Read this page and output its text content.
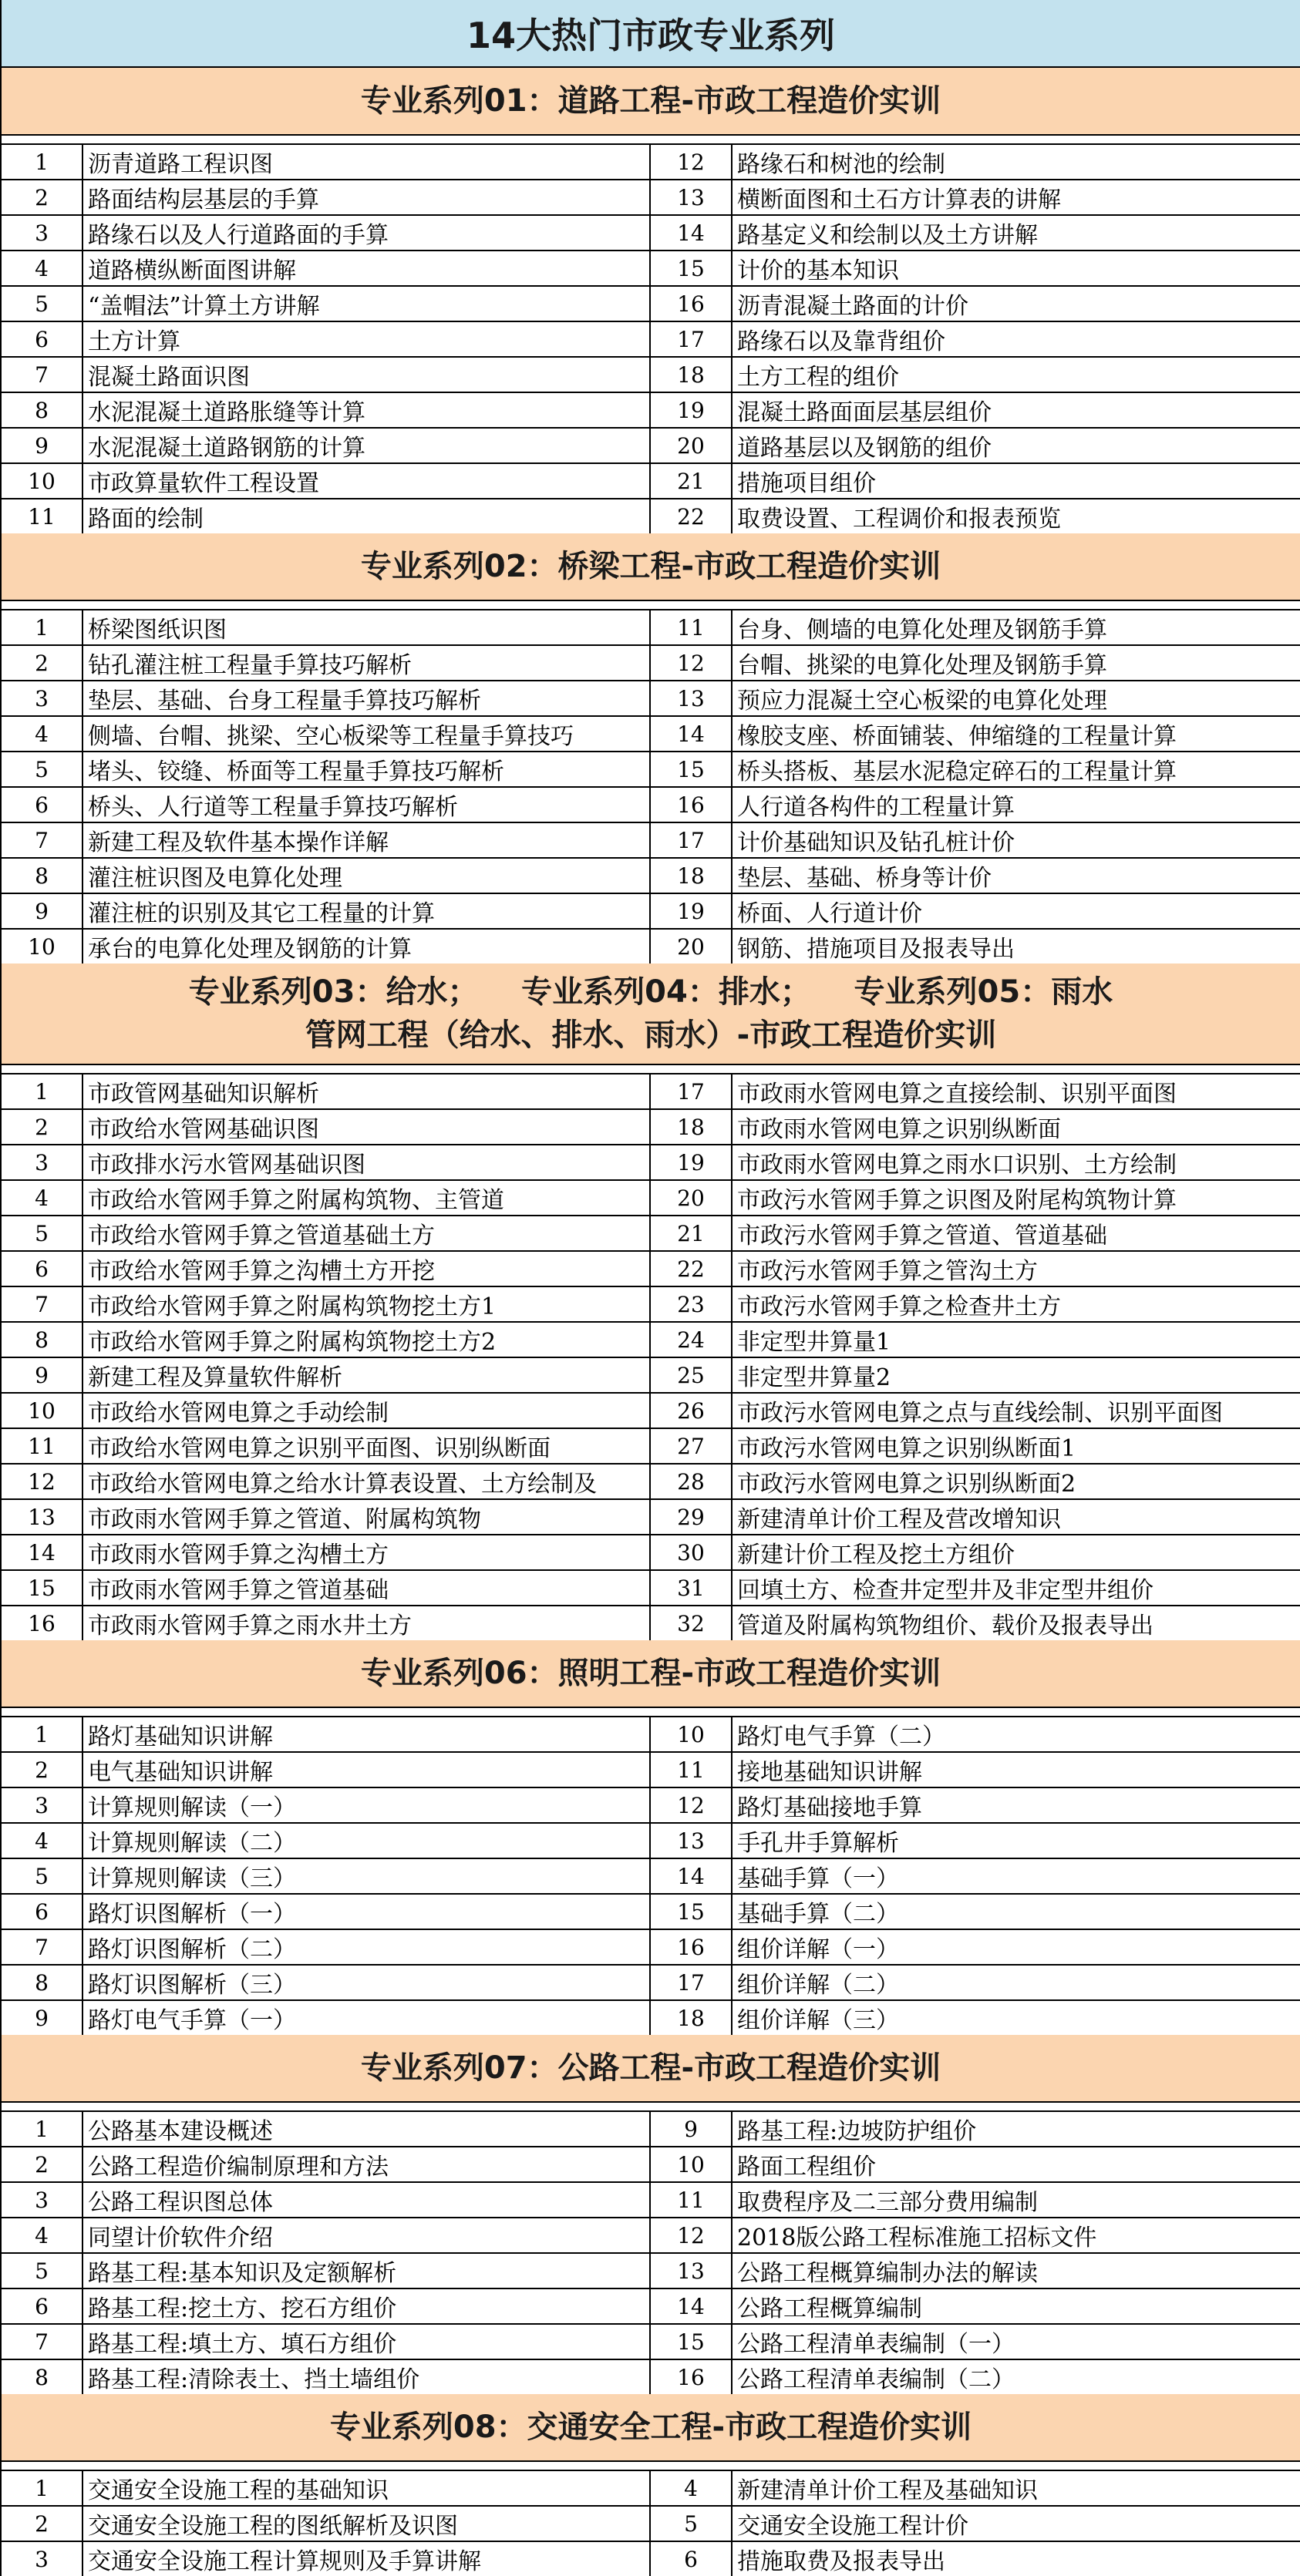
14大热门市政专业系列
专业系列01：道路工程-市政工程造价实训
1	沥青道路工程识图	12	路缘石和树池的绘制
2	路面结构层基层的手算	13	横断面图和土石方计算表的讲解
3	路缘石以及人行道路面的手算	14	路基定义和绘制以及土方讲解
4	道路横纵断面图讲解	15	计价的基本知识
5	“盖帽法”计算土方讲解	16	沥青混凝土路面的计价
6	土方计算	17	路缘石以及靠背组价
7	混凝土路面识图	18	土方工程的组价
8	水泥混凝土道路胀缝等计算	19	混凝土路面面层基层组价
9	水泥混凝土道路钢筋的计算	20	道路基层以及钢筋的组价
10	市政算量软件工程设置	21	措施项目组价
11	路面的绘制	22	取费设置、工程调价和报表预览
专业系列02：桥梁工程-市政工程造价实训
1	桥梁图纸识图	11	台身、侧墙的电算化处理及钢筋手算
2	钻孔灌注桩工程量手算技巧解析	12	台帽、挑梁的电算化处理及钢筋手算
3	垫层、基础、台身工程量手算技巧解析	13	预应力混凝土空心板梁的电算化处理
4	侧墙、台帽、挑梁、空心板梁等工程量手算技巧	14	橡胶支座、桥面铺装、伸缩缝的工程量计算
5	堵头、铰缝、桥面等工程量手算技巧解析	15	桥头搭板、基层水泥稳定碎石的工程量计算
6	桥头、人行道等工程量手算技巧解析	16	人行道各构件的工程量计算
7	新建工程及软件基本操作详解	17	计价基础知识及钻孔桩计价
8	灌注桩识图及电算化处理	18	垫层、基础、桥身等计价
9	灌注桩的识别及其它工程量的计算	19	桥面、人行道计价
10	承台的电算化处理及钢筋的计算	20	钢筋、措施项目及报表导出
专业系列03：给水；    专业系列04：排水；    专业系列05：雨水
管网工程（给水、排水、雨水）-市政工程造价实训
1	市政管网基础知识解析	17	市政雨水管网电算之直接绘制、识别平面图
2	市政给水管网基础识图	18	市政雨水管网电算之识别纵断面
3	市政排水污水管网基础识图	19	市政雨水管网电算之雨水口识别、土方绘制
4	市政给水管网手算之附属构筑物、主管道	20	市政污水管网手算之识图及附尾构筑物计算
5	市政给水管网手算之管道基础土方	21	市政污水管网手算之管道、管道基础
6	市政给水管网手算之沟槽土方开挖	22	市政污水管网手算之管沟土方
7	市政给水管网手算之附属构筑物挖土方1	23	市政污水管网手算之检查井土方
8	市政给水管网手算之附属构筑物挖土方2	24	非定型井算量1
9	新建工程及算量软件解析	25	非定型井算量2
10	市政给水管网电算之手动绘制	26	市政污水管网电算之点与直线绘制、识别平面图
11	市政给水管网电算之识别平面图、识别纵断面	27	市政污水管网电算之识别纵断面1
12	市政给水管网电算之给水计算表设置、土方绘制及	28	市政污水管网电算之识别纵断面2
13	市政雨水管网手算之管道、附属构筑物	29	新建清单计价工程及营改增知识
14	市政雨水管网手算之沟槽土方	30	新建计价工程及挖土方组价
15	市政雨水管网手算之管道基础	31	回填土方、检查井定型井及非定型井组价
16	市政雨水管网手算之雨水井土方	32	管道及附属构筑物组价、载价及报表导出
专业系列06：照明工程-市政工程造价实训
1	路灯基础知识讲解	10	路灯电气手算（二）
2	电气基础知识讲解	11	接地基础知识讲解
3	计算规则解读（一）	12	路灯基础接地手算
4	计算规则解读（二）	13	手孔井手算解析
5	计算规则解读（三）	14	基础手算（一）
6	路灯识图解析（一）	15	基础手算（二）
7	路灯识图解析（二）	16	组价详解（一）
8	路灯识图解析（三）	17	组价详解（二）
9	路灯电气手算（一）	18	组价详解（三）
专业系列07：公路工程-市政工程造价实训
1	公路基本建设概述	9	路基工程:边坡防护组价
2	公路工程造价编制原理和方法	10	路面工程组价
3	公路工程识图总体	11	取费程序及二三部分费用编制
4	同望计价软件介绍	12	2018版公路工程标准施工招标文件
5	路基工程:基本知识及定额解析	13	公路工程概算编制办法的解读
6	路基工程:挖土方、挖石方组价	14	公路工程概算编制
7	路基工程:填土方、填石方组价	15	公路工程清单表编制（一）
8	路基工程:清除表土、挡土墙组价	16	公路工程清单表编制（二）
专业系列08：交通安全工程-市政工程造价实训
1	交通安全设施工程的基础知识	4	新建清单计价工程及基础知识
2	交通安全设施工程的图纸解析及识图	5	交通安全设施工程计价
3	交通安全设施工程计算规则及手算讲解	6	措施取费及报表导出
